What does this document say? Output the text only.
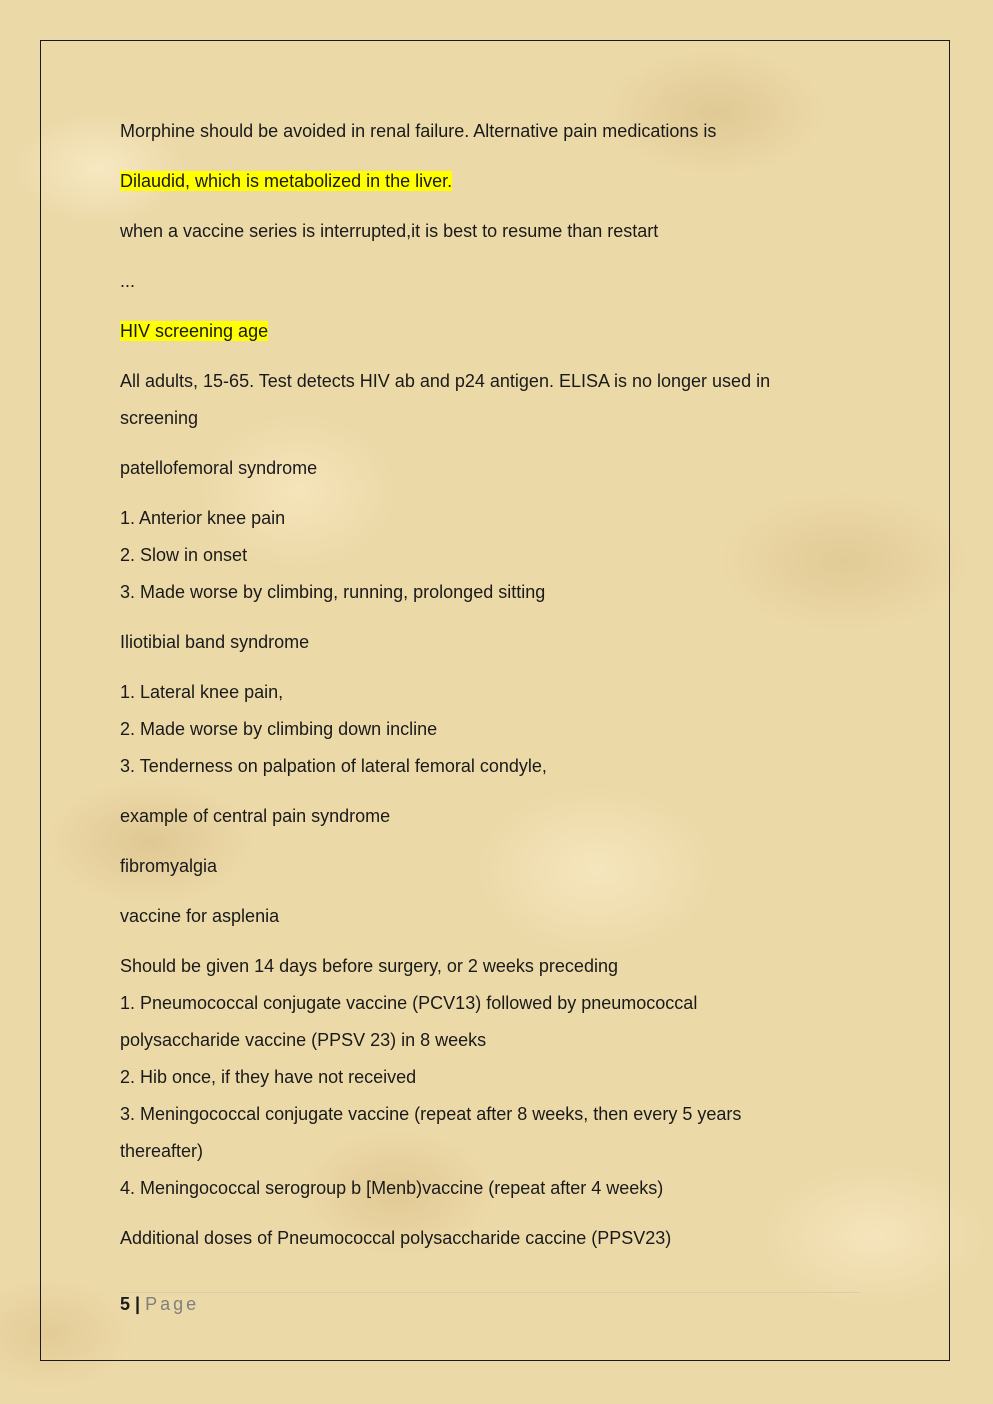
Morphine should be avoided in renal failure. Alternative pain medications is

Dilaudid, which is metabolized in the liver.

when a vaccine series is interrupted,it is best to resume than restart

...

HIV screening age

All adults, 15-65. Test detects HIV ab and p24 antigen. ELISA is no longer used in

screening

patellofemoral syndrome

1. Anterior knee pain

2. Slow in onset

3. Made worse by climbing, running, prolonged sitting

Iliotibial band syndrome

1. Lateral knee pain,

2. Made worse by climbing down incline

3. Tenderness on palpation of lateral femoral condyle,

example of central pain syndrome

fibromyalgia

vaccine for asplenia

Should be given 14 days before surgery, or 2 weeks preceding

1. Pneumococcal conjugate vaccine (PCV13) followed by pneumococcal

polysaccharide vaccine (PPSV 23) in 8 weeks

2. Hib once, if they have not received

3. Meningococcal conjugate vaccine (repeat after 8 weeks, then every 5 years

thereafter)

4. Meningococcal serogroup b [Menb)vaccine (repeat after 4 weeks)

Additional doses of Pneumococcal polysaccharide caccine (PPSV23)

5 | Page
